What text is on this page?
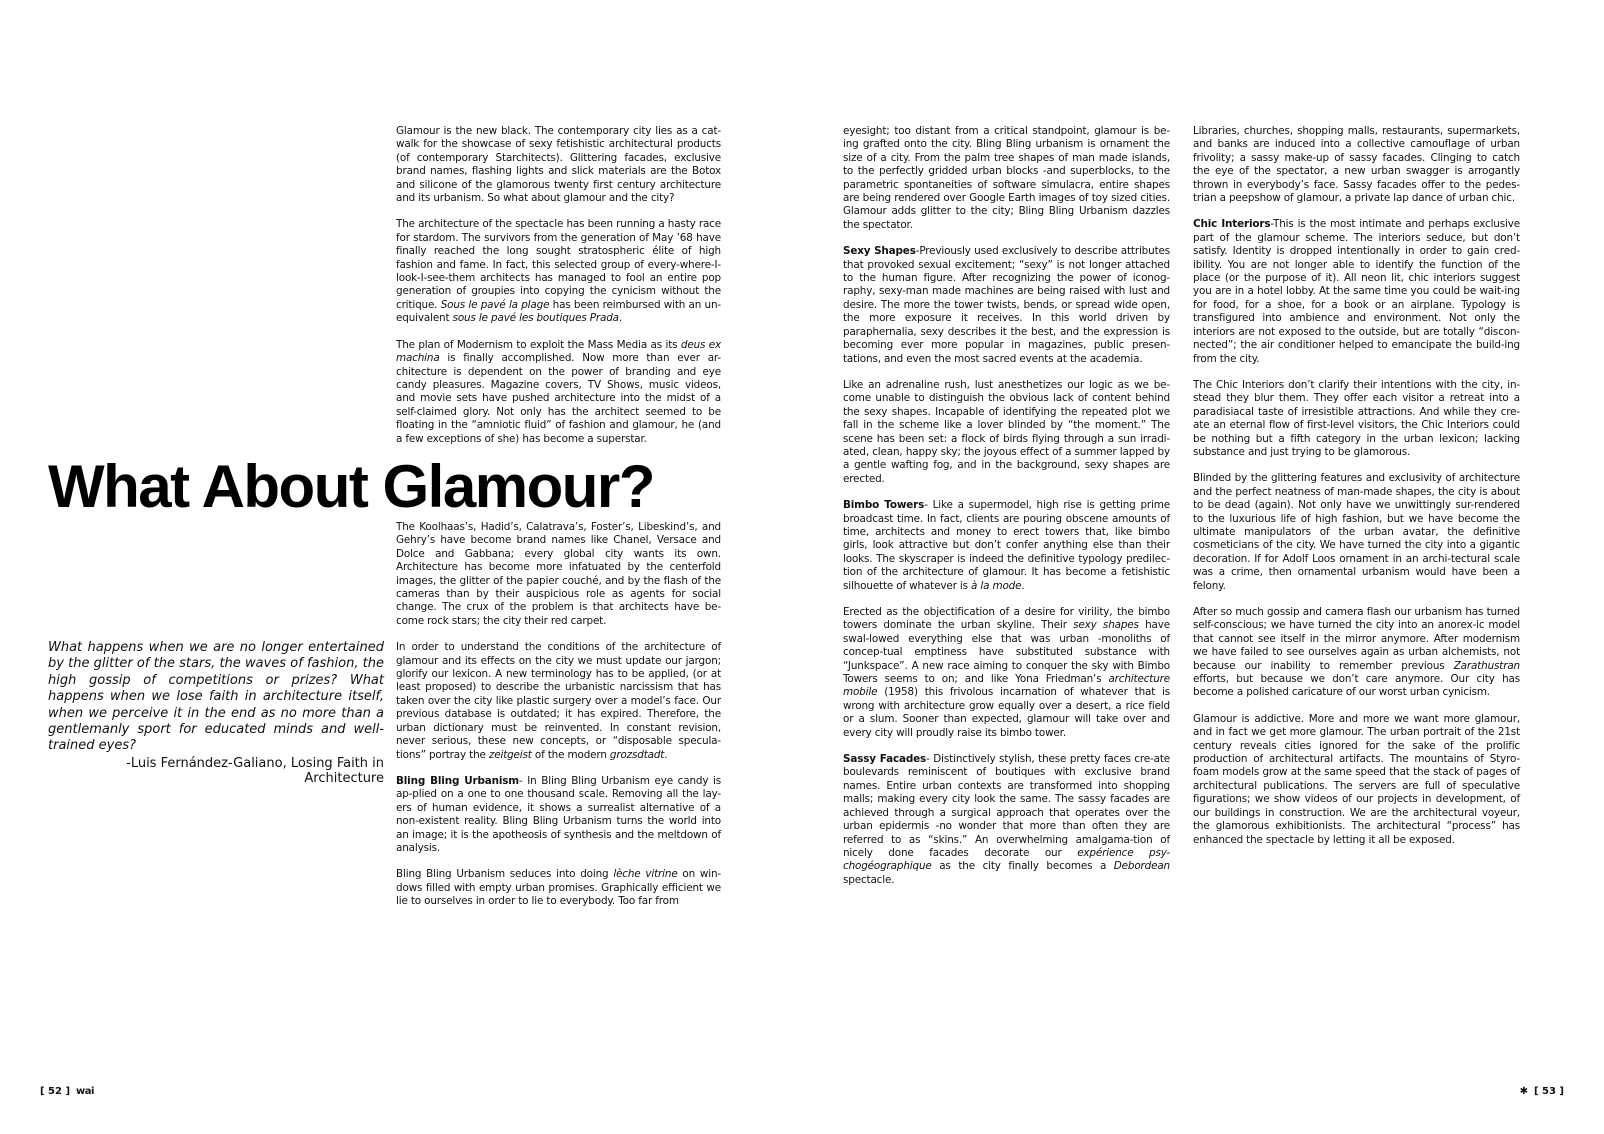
Glamour is the new black. The contemporary city lies as a cat-walk for the showcase of sexy fetishistic architectural products (of contemporary Starchitects). Glittering facades, exclusive brand names, flashing lights and slick materials are the Botox and silicone of the glamorous twenty first century architecture and its urbanism. So what about glamour and the city?

The architecture of the spectacle has been running a hasty race for stardom. The survivors from the generation of May ’68 have finally reached the long sought stratospheric élite of high fashion and fame. In fact, this selected group of every-where-I-look-I-see-them architects has managed to fool an entire pop generation of groupies into copying the cynicism without the critique. Sous le pavé la plage has been reimbursed with an un-equivalent sous le pavé les boutiques Prada.

The plan of Modernism to exploit the Mass Media as its deus ex machina is finally accomplished. Now more than ever ar-chitecture is dependent on the power of branding and eye candy pleasures. Magazine covers, TV Shows, music videos, and movie sets have pushed architecture into the midst of a self-claimed glory. Not only has the architect seemed to be floating in the “amniotic fluid” of fashion and glamour, he (and a few exceptions of she) has become a superstar.

What About Glamour?

The Koolhaas’s, Hadid’s, Calatrava’s, Foster’s, Libeskind’s, and Gehry’s have become brand names like Chanel, Versace and Dolce and Gabbana; every global city wants its own. Architecture has become more infatuated by the centerfold images, the glitter of the papier couché, and by the flash of the cameras than by their auspicious role as agents for social change. The crux of the problem is that architects have be-come rock stars; the city their red carpet.

In order to understand the conditions of the architecture of glamour and its effects on the city we must update our jargon; glorify our lexicon. A new terminology has to be applied, (or at least proposed) to describe the urbanistic narcissism that has taken over the city like plastic surgery over a model’s face. Our previous database is outdated; it has expired. Therefore, the urban dictionary must be reinvented. In constant revision, never serious, these new concepts, or “disposable specula-tions” portray the zeitgeist of the modern grozsdtadt.

Bling Bling Urbanism- In Bling Bling Urbanism eye candy is ap-plied on a one to one thousand scale. Removing all the lay-ers of human evidence, it shows a surrealist alternative of a non-existent reality. Bling Bling Urbanism turns the world into an image; it is the apotheosis of synthesis and the meltdown of analysis.

Bling Bling Urbanism seduces into doing lèche vitrine on win-dows filled with empty urban promises. Graphically efficient we lie to ourselves in order to lie to everybody. Too far from

What happens when we are no longer entertained by the glitter of the stars, the waves of fashion, the high gossip of competitions or prizes? What happens when we lose faith in architecture itself, when we perceive it in the end as no more than a gentlemanly sport for educated minds and well-trained eyes?
-Luis Fernández-Galiano, Losing Faith in Architecture

eyesight; too distant from a critical standpoint, glamour is be-ing grafted onto the city. Bling Bling urbanism is ornament the size of a city. From the palm tree shapes of man made islands, to the perfectly gridded urban blocks -and superblocks, to the parametric spontaneities of software simulacra, entire shapes are being rendered over Google Earth images of toy sized cities. Glamour adds glitter to the city; Bling Bling Urbanism dazzles the spectator.

Sexy Shapes-Previously used exclusively to describe attributes that provoked sexual excitement; “sexy” is not longer attached to the human figure. After recognizing the power of iconog-raphy, sexy-man made machines are being raised with lust and desire. The more the tower twists, bends, or spread wide open, the more exposure it receives. In this world driven by paraphernalia, sexy describes it the best, and the expression is becoming ever more popular in magazines, public presen-tations, and even the most sacred events at the academia.

Like an adrenaline rush, lust anesthetizes our logic as we be-come unable to distinguish the obvious lack of content behind the sexy shapes. Incapable of identifying the repeated plot we fall in the scheme like a lover blinded by “the moment.” The scene has been set: a flock of birds flying through a sun irradi-ated, clean, happy sky; the joyous effect of a summer lapped by a gentle wafting fog, and in the background, sexy shapes are erected.

Bimbo Towers- Like a supermodel, high rise is getting prime broadcast time. In fact, clients are pouring obscene amounts of time, architects and money to erect towers that, like bimbo girls, look attractive but don’t confer anything else than their looks. The skyscraper is indeed the definitive typology predilec-tion of the architecture of glamour. It has become a fetishistic silhouette of whatever is à la mode.

Erected as the objectification of a desire for virility, the bimbo towers dominate the urban skyline. Their sexy shapes have swal-lowed everything else that was urban -monoliths of concep-tual emptiness have substituted substance with “Junkspace”. A new race aiming to conquer the sky with Bimbo Towers seems to on; and like Yona Friedman’s architecture mobile (1958) this frivolous incarnation of whatever that is wrong with architecture grow equally over a desert, a rice field or a slum. Sooner than expected, glamour will take over and every city will proudly raise its bimbo tower.

Sassy Facades- Distinctively stylish, these pretty faces cre-ate boulevards reminiscent of boutiques with exclusive brand names. Entire urban contexts are transformed into shopping malls; making every city look the same. The sassy facades are achieved through a surgical approach that operates over the urban epidermis -no wonder that more than often they are referred to as “skins.” An overwhelming amalgama-tion of nicely done facades decorate our expérience psy-chogéographique as the city finally becomes a Debordean spectacle.

Libraries, churches, shopping malls, restaurants, supermarkets, and banks are induced into a collective camouflage of urban frivolity; a sassy make-up of sassy facades. Clinging to catch the eye of the spectator, a new urban swagger is arrogantly thrown in everybody’s face. Sassy facades offer to the pedes-trian a peepshow of glamour, a private lap dance of urban chic.

Chic Interiors-This is the most intimate and perhaps exclusive part of the glamour scheme. The interiors seduce, but don’t satisfy. Identity is dropped intentionally in order to gain cred-ibility. You are not longer able to identify the function of the place (or the purpose of it). All neon lit, chic interiors suggest you are in a hotel lobby. At the same time you could be wait-ing for food, for a shoe, for a book or an airplane. Typology is transfigured into ambience and environment. Not only the interiors are not exposed to the outside, but are totally “discon-nected”; the air conditioner helped to emancipate the build-ing from the city.

The Chic Interiors don’t clarify their intentions with the city, in-stead they blur them. They offer each visitor a retreat into a paradisiacal taste of irresistible attractions. And while they cre-ate an eternal flow of first-level visitors, the Chic Interiors could be nothing but a fifth category in the urban lexicon; lacking substance and just trying to be glamorous.

Blinded by the glittering features and exclusivity of architecture and the perfect neatness of man-made shapes, the city is about to be dead (again). Not only have we unwittingly sur-rendered to the luxurious life of high fashion, but we have become the ultimate manipulators of the urban avatar, the definitive cosmeticians of the city. We have turned the city into a gigantic decoration. If for Adolf Loos ornament in an archi-tectural scale was a crime, then ornamental urbanism would have been a felony.

After so much gossip and camera flash our urbanism has turned self-conscious; we have turned the city into an anorex-ic model that cannot see itself in the mirror anymore. After modernism we have failed to see ourselves again as urban alchemists, not because our inability to remember previous Zarathustran efforts, but because we don’t care anymore. Our city has become a polished caricature of our worst urban cynicism.

Glamour is addictive. More and more we want more glamour, and in fact we get more glamour. The urban portrait of the 21st century reveals cities ignored for the sake of the prolific production of architectural artifacts. The mountains of Styro-foam models grow at the same speed that the stack of pages of architectural publications. The servers are full of speculative figurations; we show videos of our projects in development, of our buildings in construction. We are the architectural voyeur, the glamorous exhibitionists. The architectural “process” has enhanced the spectacle by letting it all be exposed.

[ 52 ] wai	✱ [ 53 ]
